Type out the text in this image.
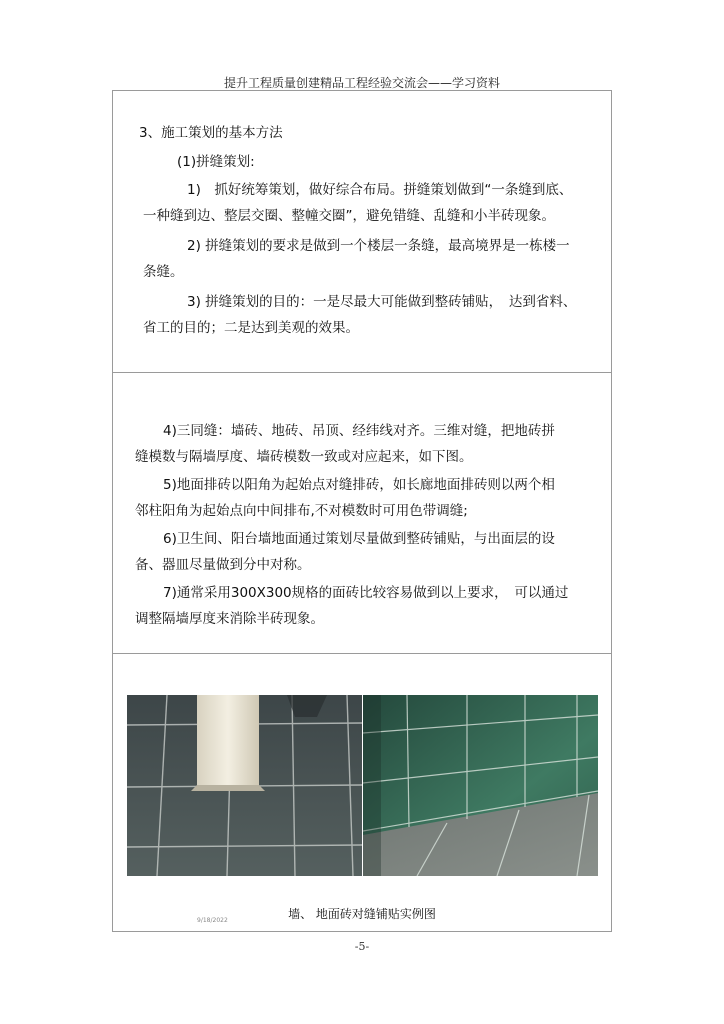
提升工程质量创建精品工程经验交流会——学习资料
3、施工策划的基本方法
(1)拼缝策划:
1)　抓好统筹策划，做好综合布局。拼缝策划做到“一条缝到底、
一种缝到边、整层交圈、整幢交圈”，避免错缝、乱缝和小半砖现象。
2) 拼缝策划的要求是做到一个楼层一条缝，最高境界是一栋楼一
条缝。
3) 拼缝策划的目的：一是尽最大可能做到整砖铺贴，　达到省料、
省工的目的；二是达到美观的效果。
4)三同缝：墙砖、地砖、吊顶、经纬线对齐。三维对缝，把地砖拼
缝模数与隔墙厚度、墙砖模数一致或对应起来，如下图。
5)地面排砖以阳角为起始点对缝排砖，如长廊地面排砖则以两个相
邻柱阳角为起始点向中间排布,不对模数时可用色带调缝;
6)卫生间、阳台墙地面通过策划尽量做到整砖铺贴，与出面层的设
备、器皿尽量做到分中对称。
7)通常采用300X300规格的面砖比较容易做到以上要求，　可以通过
调整隔墙厚度来消除半砖现象。
墙、 地面砖对缝铺贴实例图
9/18/2022
-5-
